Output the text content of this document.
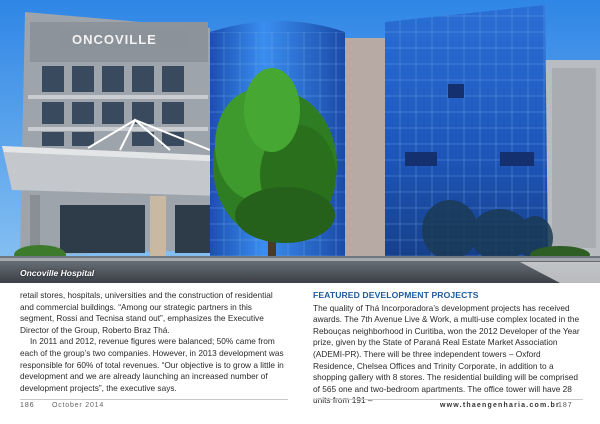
ONCOVILLE
Oncoville Hospital

retail stores, hospitals, universities and the construction of residential and commercial buildings. “Among our strategic partners in this segment, Rossi and Tecnisa stand out”, emphasizes the Executive Director of the Group, Roberto Braz Thá.

In 2011 and 2012, revenue figures were balanced; 50% came from each of the group’s two companies. However, in 2013 development was responsible for 60% of total revenues. “Our objective is to grow a little in development and we are already launching an increased number of development projects”, the executive says.

FEATURED DEVELOPMENT PROJECTS

The quality of Thá Incorporadora’s development projects has received awards. The 7th Avenue Live & Work, a multi-use complex located in the Rebouças neighborhood in Curitiba, won the 2012 Developer of the Year prize, given by the State of Paraná Real Estate Market Association (ADEMI-PR). There will be three independent towers – Oxford Residence, Chelsea Offices and Trinity Corporate, in addition to a shopping gallery with 8 stores. The residential building will be comprised of 565 one and two-bedroom apartments. The office tower will have 28 units from 191 –

186 October 2014	www.thaengenharia.com.br
187
